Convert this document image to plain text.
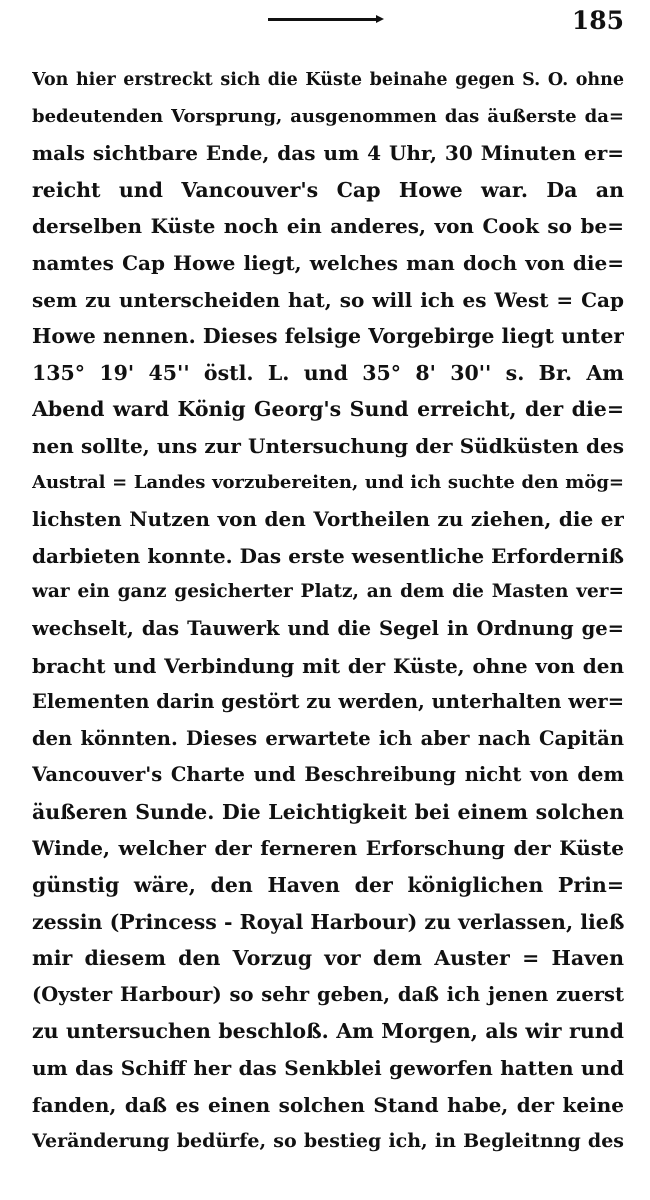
185
Von hier erstreckt sich die Küste beinahe gegen S. O. ohne
bedeutenden Vorsprung, ausgenommen das äußerste da=
mals sichtbare Ende, das um 4 Uhr, 30 Minuten er=
reicht und Vancouver's Cap Howe war. Da an
derselben Küste noch ein anderes, von Cook so be=
namtes Cap Howe liegt, welches man doch von die=
sem zu unterscheiden hat, so will ich es West = Cap
Howe nennen. Dieses felsige Vorgebirge liegt unter
135° 19' 45'' östl. L. und 35° 8' 30'' s. Br. Am
Abend ward König Georg's Sund erreicht, der die=
nen sollte, uns zur Untersuchung der Südküsten des
Austral = Landes vorzubereiten, und ich suchte den mög=
lichsten Nutzen von den Vortheilen zu ziehen, die er
darbieten konnte. Das erste wesentliche Erforderniß
war ein ganz gesicherter Platz, an dem die Masten ver=
wechselt, das Tauwerk und die Segel in Ordnung ge=
bracht und Verbindung mit der Küste, ohne von den
Elementen darin gestört zu werden, unterhalten wer=
den könnten. Dieses erwartete ich aber nach Capitän
Vancouver's Charte und Beschreibung nicht von dem
äußeren Sunde. Die Leichtigkeit bei einem solchen
Winde, welcher der ferneren Erforschung der Küste
günstig wäre, den Haven der königlichen Prin=
zessin (Princess - Royal Harbour) zu verlassen, ließ
mir diesem den Vorzug vor dem Auster = Haven
(Oyster Harbour) so sehr geben, daß ich jenen zuerst
zu untersuchen beschloß. Am Morgen, als wir rund
um das Schiff her das Senkblei geworfen hatten und
fanden, daß es einen solchen Stand habe, der keine
Veränderung bedürfe, so bestieg ich, in Begleitnng des
